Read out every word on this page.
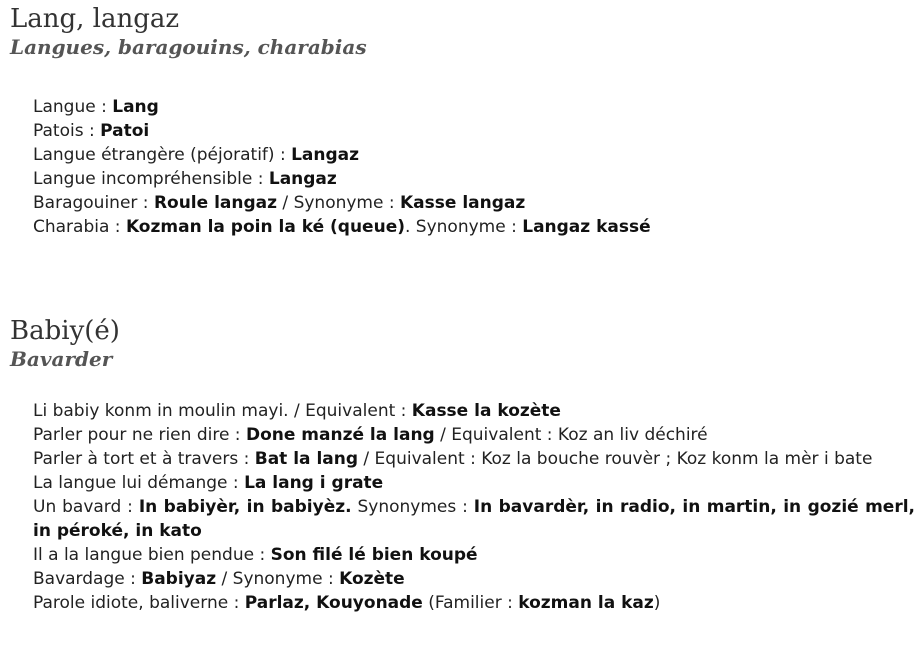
Lang, langaz
Langues, baragouins, charabias
Langue : Lang
Patois : Patoi
Langue étrangère (péjoratif) : Langaz
Langue incompréhensible : Langaz
Baragouiner : Roule langaz / Synonyme : Kasse langaz
Charabia : Kozman la poin la ké (queue). Synonyme : Langaz kassé
Babiy(é)
Bavarder
Li babiy konm in moulin mayi. / Equivalent : Kasse la kozète
Parler pour ne rien dire : Done manzé la lang / Equivalent : Koz an liv déchiré
Parler à tort et à travers : Bat la lang / Equivalent : Koz la bouche rouvèr ; Koz konm la mèr i bate
La langue lui démange : La lang i grate
Un bavard : In babiyèr, in babiyèz. Synonymes : In bavardèr, in radio, in martin, in gozié merl, in péroké, in kato
Il a la langue bien pendue : Son filé lé bien koupé
Bavardage : Babiyaz / Synonyme : Kozète
Parole idiote, baliverne : Parlaz, Kouyonade (Familier : kozman la kaz)
